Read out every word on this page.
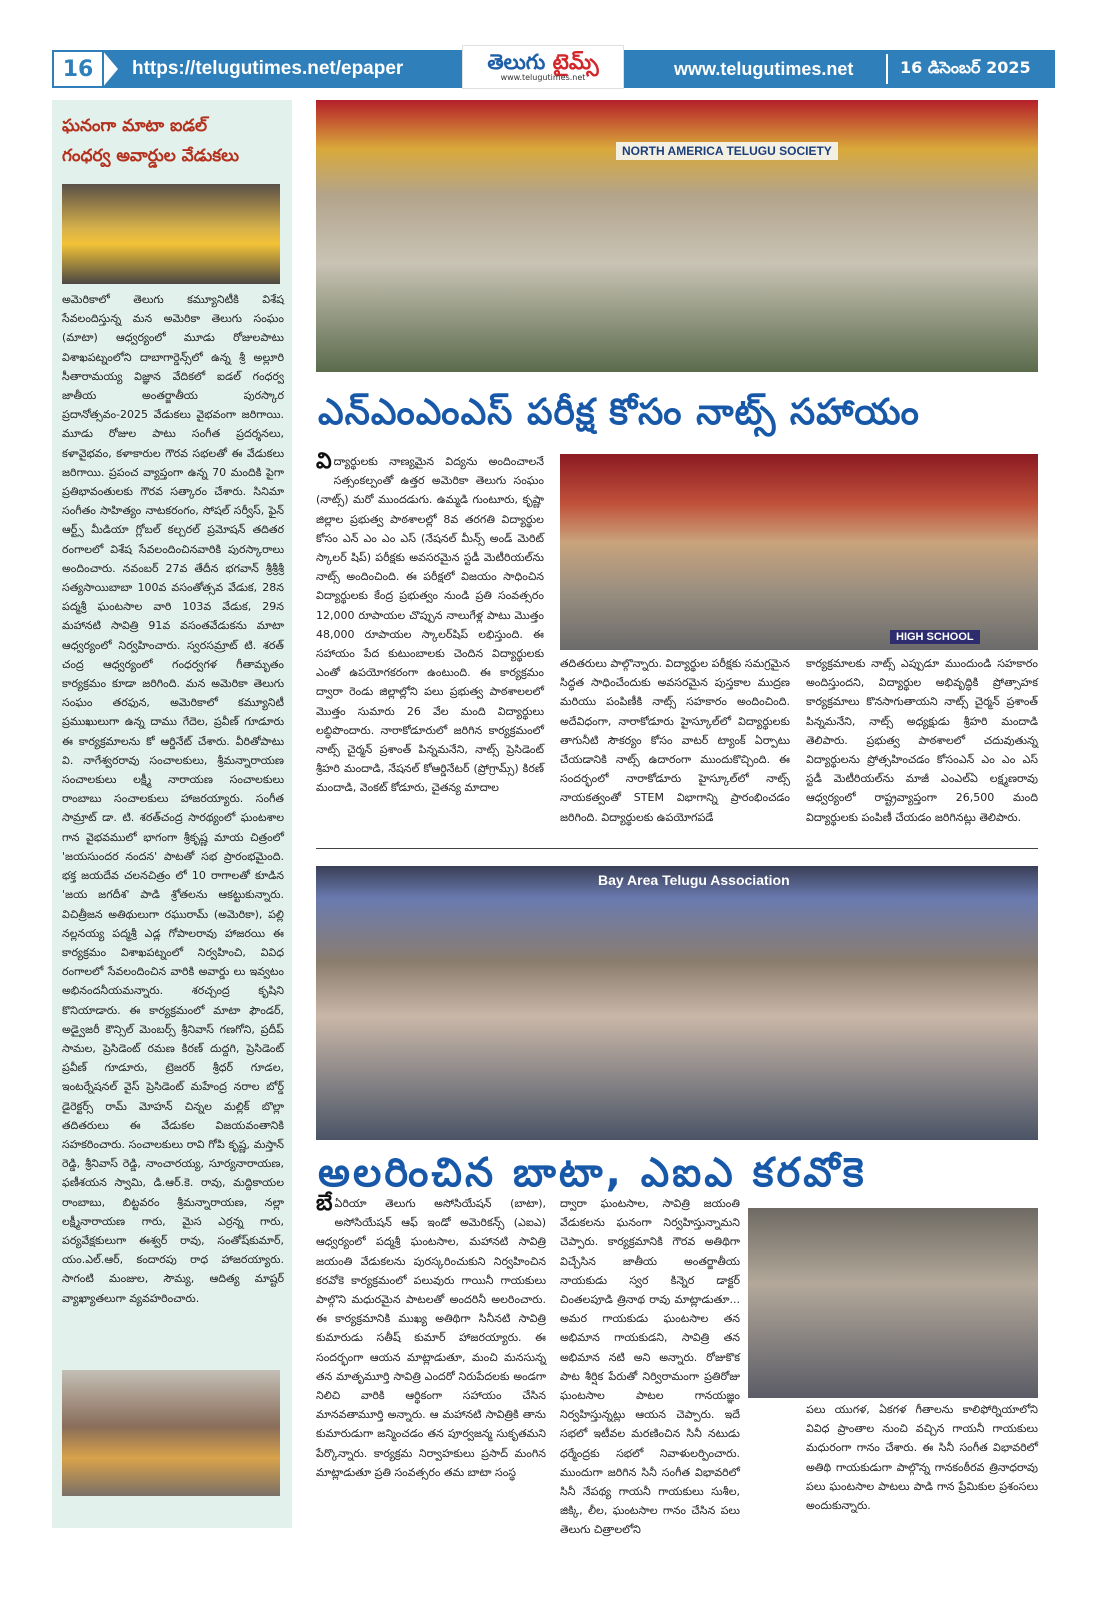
16	https://telugutimes.net/epaper	తెలుగు టైమ్స్
www.telugutimes.net	www.telugutimes.net	16 డిసెంబర్ 2025
ఘనంగా మాటా ఐడల్
గంధర్వ అవార్డుల వేడుకలు
అమెరికాలో తెలుగు కమ్యూనిటీకి విశేష సేవలందిస్తున్న మన అమెరికా తెలుగు సంఘం (మాటా) ఆధ్వర్యంలో మూడు రోజులపాటు విశాఖపట్నంలోని దాబాగార్డెన్స్‌లో ఉన్న శ్రీ అల్లూరి సీతారామయ్య విజ్ఞాన వేదికలో ఐడల్ గంధర్వ జాతీయ అంతర్జాతీయ పురస్కార ప్రదానోత్సవం-2025 వేడుకలు వైభవంగా జరిగాయి. మూడు రోజుల పాటు సంగీత ప్రదర్శనలు, కళావైభవం, కళాకారుల గౌరవ సభలతో ఈ వేడుకలు జరిగాయి. ప్రపంచ వ్యాప్తంగా ఉన్న 70 మందికి పైగా ప్రతిభావంతులకు గౌరవ సత్కారం చేశారు. సినిమా సంగీతం సాహిత్యం నాటకరంగం, సోషల్ సర్వీస్, ఫైన్ ఆర్ట్స్ మీడియా గ్లోబల్ కల్చరల్ ప్రమోషన్ తదితర రంగాలలో విశేష సేవలందించినవారికి పురస్కారాలు అందించారు. నవంబర్ 27వ తేదీన భగవాన్ శ్రీశ్రీశ్రీ సత్యసాయిబాబా 100వ వసంతోత్సవ వేడుక, 28న పద్మశ్రీ ఘంటసాల వారి 103వ వేడుక, 29న మహానటి సావిత్రి 91వ వసంతవేడుకను మాటా ఆధ్వర్యంలో నిర్వహించారు. స్వరసమ్రాట్ టి. శరత్ చంద్ర ఆధ్వర్యంలో గంధర్వగళ గీతామృతం కార్యక్రమం కూడా జరిగింది. మన అమెరికా తెలుగు సంఘం తరఫున, అమెరికాలో కమ్యూనిటీ ప్రముఖులుగా ఉన్న దాము గేదెల, ప్రవీణ్ గూడూరు ఈ కార్యక్రమాలను కో ఆర్డినేట్ చేశారు. వీరితోపాటు వి. నాగేశ్వరరావు సంచాలకులు, శ్రీమన్నారాయణ సంచాలకులు లక్ష్మీ నారాయణ సంచాలకులు రాంబాబు సంచాలకులు హాజరయ్యారు. సంగీత సామ్రాట్ డా. టి. శరత్‌చంద్ర సారథ్యంలో ఘంటశాల గాన వైభవములో భాగంగా శ్రీకృష్ణ మాయ చిత్రంలో 'జయసుందర నందన' పాటతో సభ ప్రారంభమైంది. భక్త జయదేవ చలనచిత్రం లో 10 రాగాలతో కూడిన 'జయ జగదీశ' పాడి శ్రోతలను ఆకట్టుకున్నారు. విచిత్రీజన అతిథులుగా రఘురామ్ (అమెరికా), పల్లి నల్లనయ్య పద్మశ్రీ ఎడ్ల గోపాలరావు హాజరయి ఈ కార్యక్రమం విశాఖపట్నంలో నిర్వహించి, వివిధ రంగాలలో సేవలందించిన వారికి అవార్డు లు ఇవ్వటం అభినందనీయమన్నారు. శరచ్చంద్ర కృషిని కొనియాడారు. ఈ కార్యక్రమంలో మాటా ఫౌండర్, అడ్వైజరీ కౌన్సిల్ మెంబర్స్ శ్రీనివాస్ గణగోని, ప్రదీప్ సామల, ప్రెసిడెంట్ రమణ కిరణ్ దుద్దగి, ప్రెసిడెంట్ ప్రవీణ్ గూడూరు, ట్రెజరర్ శ్రీధర్ గూడల, ఇంటర్నేషనల్ వైస్ ప్రెసిడెంట్ మహేంద్ర నరాల బోర్డ్ డైరెక్టర్స్ రామ్ మోహన్ చిన్నల మల్లిక్ బొల్లా తదితరులు ఈ వేడుకల విజయవంతానికి సహకరించారు. సంచాలకులు రావి గోపి కృష్ణ, మస్తాన్ రెడ్డి, శ్రీనివాస్ రెడ్డి, నాంచారయ్య, సూర్యనారాయణ, ఫణీశయన స్వామి, డి.ఆర్.కె. రావు, మద్దికాయల రాంబాబు, బిట్టవరం శ్రీమన్నారాయణ, నల్లా లక్ష్మీనారాయణ గారు, మైస ఎర్రన్న గారు, పర్యవేక్షకులుగా ఈశ్వర్ రావు, సంతోష్‌కుమార్, యం.ఎల్.ఆర్, కందారపు రాధ హాజరయ్యారు. సాగంటి మంజుల, సౌమ్య, ఆదిత్య మాష్టర్ వ్యాఖ్యాతలుగా వ్యవహరించారు.
NORTH AMERICA TELUGU SOCIETY
ఎన్‌ఎంఎంఎస్ పరీక్ష కోసం నాట్స్ సహాయం
విద్యార్థులకు నాణ్యమైన విద్యను అందించాలనే సత్సంకల్పంతో ఉత్తర అమెరికా తెలుగు సంఘం (నాట్స్) మరో ముందడుగు. ఉమ్మడి గుంటూరు, కృష్ణా జిల్లాల ప్రభుత్వ పాఠశాలల్లో 8వ తరగతి విద్యార్థుల కోసం ఎన్ ఎం ఎం ఎస్ (నేషనల్ మీన్స్ అండ్ మెరిట్ స్కాలర్ షిప్) పరీక్షకు అవసరమైన స్టడీ మెటీరియల్‌ను నాట్స్ అందించింది. ఈ పరీక్షలో విజయం సాధించిన విద్యార్థులకు కేంద్ర ప్రభుత్వం నుండి ప్రతి సంవత్సరం 12,000 రూపాయల చొప్పున నాలుగేళ్ల పాటు మొత్తం 48,000 రూపాయల స్కాలర్‌షిప్ లభిస్తుంది. ఈ సహాయం పేద కుటుంబాలకు చెందిన విద్యార్థులకు ఎంతో ఉపయోగకరంగా ఉంటుంది. ఈ కార్యక్రమం ద్వారా రెండు జిల్లాల్లోని పలు ప్రభుత్వ పాఠశాలలలో మొత్తం సుమారు 26 వేల మంది విద్యార్థులు లబ్ధిపొందారు. నారాకోడూరులో జరిగిన కార్యక్రమంలో నాట్స్ చైర్మన్ ప్రశాంత్ పిన్నమనేని, నాట్స్ ప్రెసిడెంట్ శ్రీహరి మందాడి, నేషనల్ కోఆర్డినేటర్ (ప్రోగ్రామ్స్) కిరణ్ మందాడి, వెంకట్ కోడూరు, చైతన్య మాదాల
HIGH SCHOOL
తదితరులు పాల్గొన్నారు. విద్యార్థుల పరీక్షకు సమగ్రమైన సిద్ధత సాధించేందుకు అవసరమైన పుస్తకాల ముద్రణ మరియు పంపిణీకి నాట్స్ సహకారం అందించింది. అదేవిధంగా, నారాకోడూరు హైస్కూల్‌లో విద్యార్థులకు తాగునీటి సౌకర్యం కోసం వాటర్ ట్యాంక్ ఏర్పాటు చేయడానికి నాట్స్ ఉదారంగా ముందుకొచ్చింది. ఈ సందర్భంలో నారాకోడూరు హైస్కూల్‌లో నాట్స్ నాయకత్వంతో STEM విభాగాన్ని ప్రారంభించడం జరిగింది. విద్యార్థులకు ఉపయోగపడే
కార్యక్రమాలకు నాట్స్ ఎప్పుడూ ముందుండి సహకారం అందిస్తుందని, విద్యార్థుల అభివృద్ధికి ప్రోత్సాహక కార్యక్రమాలు కొనసాగుతాయని నాట్స్ చైర్మన్ ప్రశాంత్ పిన్నమనేని, నాట్స్ అధ్యక్షుడు శ్రీహరి మందాడి తెలిపారు. ప్రభుత్వ పాఠశాలలో చదువుతున్న విద్యార్థులను ప్రోత్సహించడం కోసంఎన్ ఎం ఎం ఎస్ స్టడీ మెటీరియల్‌ను మాజీ ఎంఎల్ఏ లక్ష్మణరావు ఆధ్వర్యంలో రాష్ట్రవ్యాప్తంగా 26,500 మంది విద్యార్థులకు పంపిణీ చేయడం జరిగినట్లు తెలిపారు.
Bay Area Telugu Association
అలరించిన బాటా, ఎఐఎ కరవోకె
బే ఏరియా తెలుగు అసోసియేషన్ (బాటా), అసోసియేషన్ ఆఫ్ ఇండో అమెరికన్స్ (ఎఐఎ) ఆధ్వర్యంలో పద్మశ్రీ ఘంటసాల, మహానటి సావిత్రి జయంతి వేడుకలను పురస్కరించుకుని నిర్వహించిన కరవోకె కార్యక్రమంలో పలువురు గాయినీ గాయకులు పాల్గొని మధురమైన పాటలతో అందరినీ అలరించారు. ఈ కార్యక్రమానికి ముఖ్య అతిథిగా సినీనటి సావిత్రి కుమారుడు సతీష్ కుమార్ హాజరయ్యారు. ఈ సందర్భంగా ఆయన మాట్లాడుతూ, మంచి మనసున్న తన మాతృమూర్తి సావిత్రి ఎందరో నిరుపేదలకు అండగా నిలిచి వారికి ఆర్థికంగా సహాయం చేసిన మానవతామూర్తి అన్నారు. ఆ మహానటి సావిత్రికి తాను కుమారుడుగా జన్మించడం తన పూర్వజన్మ సుకృతమని పేర్కొన్నారు. కార్యక్రమ నిర్వాహకులు ప్రసాద్ మంగిన మాట్లాడుతూ ప్రతి సంవత్సరం తమ బాటా సంస్థ
ద్వారా ఘంటసాల, సావిత్రి జయంతి వేడుకలను ఘనంగా నిర్వహిస్తున్నామని చెప్పారు. కార్యక్రమానికి గౌరవ అతిథిగా విచ్చేసిన జాతీయ అంతర్జాతీయ నాయకుడు స్వర కిన్నెర డాక్టర్ చింతలపూడి త్రినాథ రావు మాట్లాడుతూ... అమర గాయకుడు ఘంటసాల తన అభిమాన గాయకుడని, సావిత్రి తన అభిమాన నటి అని అన్నారు. రోజుకొక పాట శీర్షిక పేరుతో నిర్విరామంగా ప్రతిరోజు ఘంటసాల పాటల గానయజ్ఞం నిర్వహిస్తున్నట్లు ఆయన చెప్పారు. ఇదే సభలో ఇటీవల మరణించిన సినీ నటుడు ధర్మేంద్రకు సభలో నివాళులర్పించారు. ముందుగా జరిగిన సినీ సంగీత విభావరిలో సినీ నేపథ్య గాయనీ గాయకులు సుశీల, జిక్కి, లీల, ఘంటసాల గానం చేసిన పలు తెలుగు చిత్రాలలోని
పలు యుగళ, ఏకగళ గీతాలను కాలిఫోర్నియాలోని వివిధ ప్రాంతాల నుంచి వచ్చిన గాయనీ గాయకులు మధురంగా గానం చేశారు. ఈ సినీ సంగీత విభావరిలో అతిథి గాయకుడుగా పాల్గొన్న గానకంఠీరవ త్రినాధరావు పలు ఘంటసాల పాటలు పాడి గాన ప్రేమికుల ప్రశంసలు అందుకున్నారు.
